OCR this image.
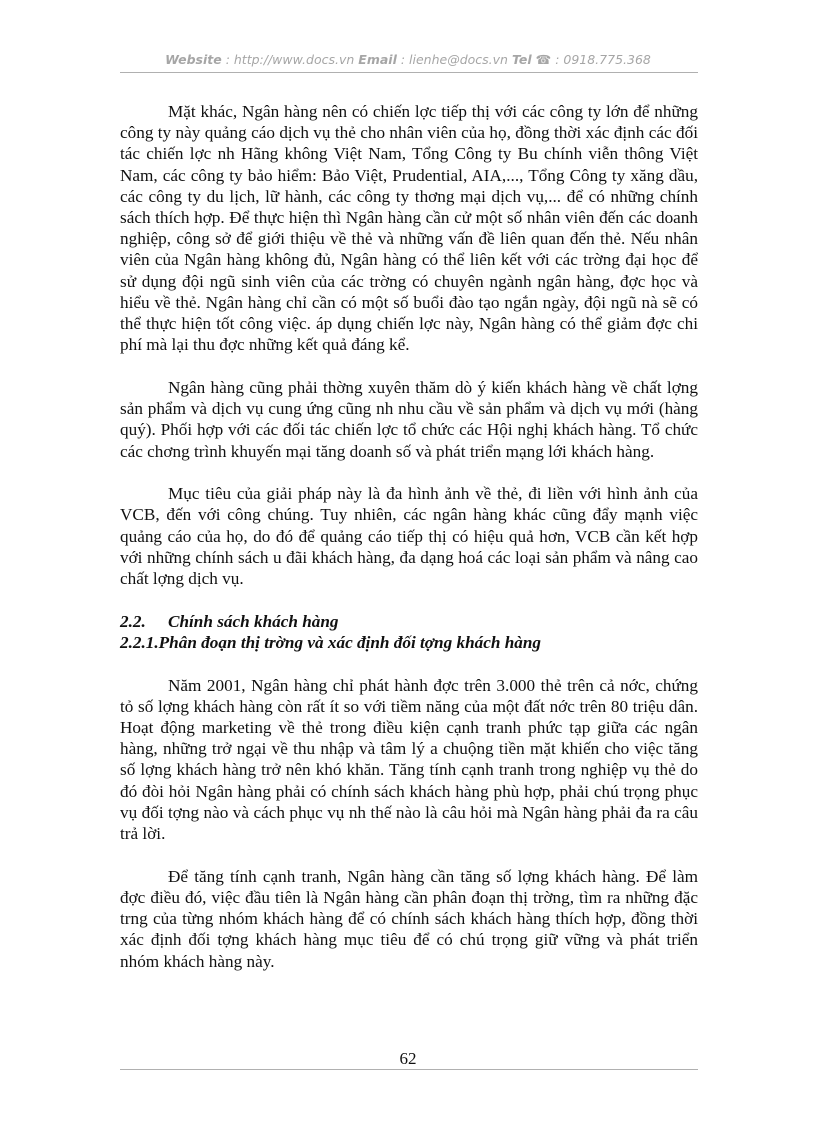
Website : http://www.docs.vn Email : lienhe@docs.vn Tel ☎ : 0918.775.368

Mặt khác, Ngân hàng nên có chiến lợc tiếp thị với các công ty lớn để những công ty này quảng cáo dịch vụ thẻ cho nhân viên của họ, đồng thời xác định các đối tác chiến lợc nh Hãng không Việt Nam, Tổng Công ty Bu chính viễn thông Việt Nam, các công ty bảo hiểm: Bảo Việt, Prudential, AIA,..., Tổng Công ty xăng dầu, các công ty du lịch, lữ hành, các công ty thơng mại dịch vụ,... để có những chính sách thích hợp. Để thực hiện thì Ngân hàng cần cử một số nhân viên đến các doanh nghiệp, công sở để giới thiệu về thẻ và những vấn đề liên quan đến thẻ. Nếu nhân viên của Ngân hàng không đủ, Ngân hàng có thể liên kết với các trờng đại học để sử dụng đội ngũ sinh viên của các trờng có chuyên ngành ngân hàng, đợc học và hiểu về thẻ. Ngân hàng chỉ cần có một số buổi đào tạo ngắn ngày, đội ngũ nà sẽ có thể thực hiện tốt công việc. áp dụng chiến lợc này, Ngân hàng có thể giảm đợc chi phí mà lại thu đợc những kết quả đáng kể.

Ngân hàng cũng phải thờng xuyên thăm dò ý kiến khách hàng về chất lợng sản phẩm và dịch vụ cung ứng cũng nh nhu cầu về sản phẩm và dịch vụ mới (hàng quý). Phối hợp với các đối tác chiến lợc tổ chức các Hội nghị khách hàng. Tổ chức các chơng trình khuyến mại tăng doanh số và phát triển mạng lới khách hàng.

Mục tiêu của giải pháp này là đa hình ảnh về thẻ, đi liền với hình ảnh của VCB, đến với công chúng. Tuy nhiên, các ngân hàng khác cũng đẩy mạnh việc quảng cáo của họ, do đó để quảng cáo tiếp thị có hiệu quả hơn, VCB cần kết hợp với những chính sách u đãi khách hàng, đa dạng hoá các loại sản phẩm và nâng cao chất lợng dịch vụ.

2.2. Chính sách khách hàng
2.2.1.Phân đoạn thị trờng và xác định đối tợng khách hàng

Năm 2001, Ngân hàng chỉ phát hành đợc trên 3.000 thẻ trên cả nớc, chứng tỏ số lợng khách hàng còn rất ít so với tiềm năng của một đất nớc trên 80 triệu dân. Hoạt động marketing về thẻ trong điều kiện cạnh tranh phức tạp giữa các ngân hàng, những trở ngại về thu nhập và tâm lý a chuộng tiền mặt khiến cho việc tăng số lợng khách hàng trở nên khó khăn. Tăng tính cạnh tranh trong nghiệp vụ thẻ do đó đòi hỏi Ngân hàng phải có chính sách khách hàng phù hợp, phải chú trọng phục vụ đối tợng nào và cách phục vụ nh thế nào là câu hỏi mà Ngân hàng phải đa ra câu trả lời.

Để tăng tính cạnh tranh, Ngân hàng cần tăng số lợng khách hàng. Để làm đợc điều đó, việc đầu tiên là Ngân hàng cần phân đoạn thị trờng, tìm ra những đặc trng của từng nhóm khách hàng để có chính sách khách hàng thích hợp, đồng thời xác định đối tợng khách hàng mục tiêu để có chú trọng giữ vững và phát triển nhóm khách hàng này.

62
